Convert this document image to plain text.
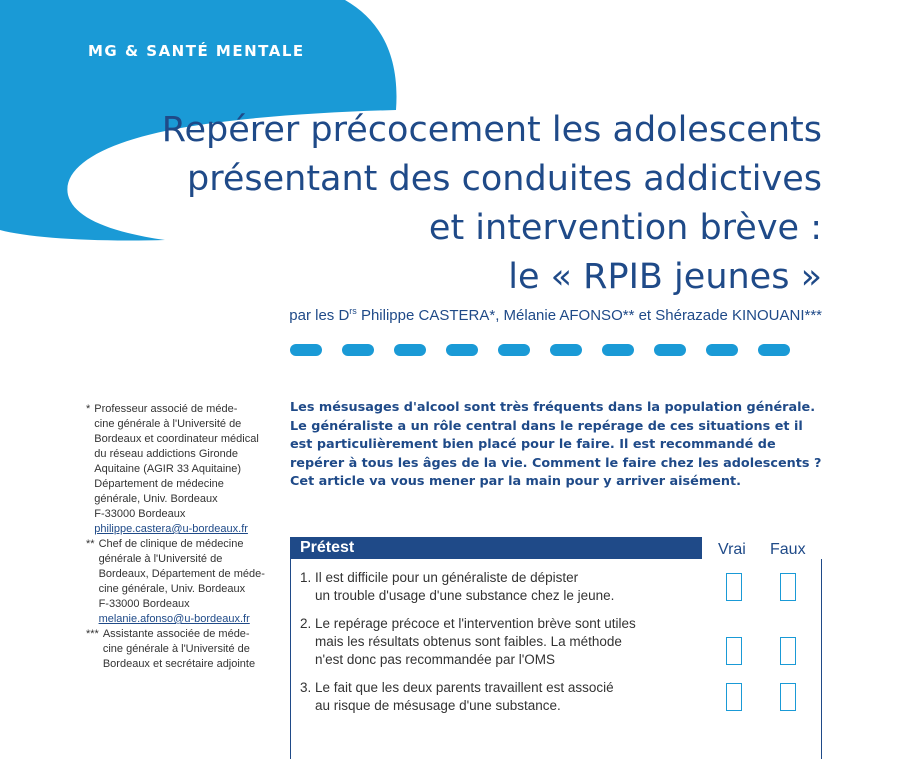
MG & SANTÉ MENTALE
Repérer précocement les adolescents
présentant des conduites addictives
et intervention brève :
le « RPIB jeunes »
par les $D^{rs}$ Philippe CASTERA*, Mélanie AFONSO** et Shérazade KINOUANI***
* Professeur associé de méde-
cine générale à l'Université de
Bordeaux et coordinateur médical
du réseau addictions Gironde
Aquitaine (AGIR 33 Aquitaine)
Département de médecine
générale, Univ. Bordeaux
F-33000 Bordeaux
philippe.castera@u-bordeaux.fr
** Chef de clinique de médecine
générale à l'Université de
Bordeaux, Département de méde-
cine générale, Univ. Bordeaux
F-33000 Bordeaux
melanie.afonso@u-bordeaux.fr
*** Assistante associée de méde-
cine générale à l'Université de
Bordeaux et secrétaire adjointe
Les mésusages d'alcool sont très fréquents dans la population générale. Le généraliste a un rôle central dans le repérage de ces situations et il est particulièrement bien placé pour le faire. Il est recommandé de repérer à tous les âges de la vie. Comment le faire chez les adolescents ? Cet article va vous mener par la main pour y arriver aisément.
Prétest	Vrai Faux
1. Il est difficile pour un généraliste de dépister
un trouble d'usage d'une substance chez le jeune.
2. Le repérage précoce et l'intervention brève sont utiles
mais les résultats obtenus sont faibles. La méthode
n'est donc pas recommandée par l'OMS
3. Le fait que les deux parents travaillent est associé
au risque de mésusage d'une substance.
